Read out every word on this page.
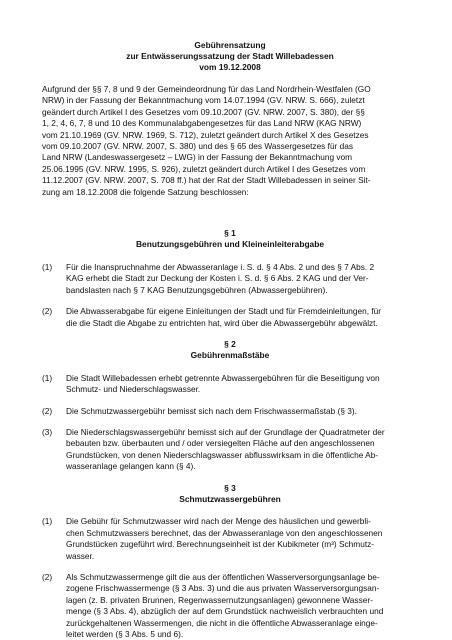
Gebührensatzung

zur Entwässerungssatzung der Stadt Willebadessen

vom 19.12.2008

Aufgrund der §§ 7, 8 und 9 der Gemeindeordnung für das Land Nordrhein-Westfalen (GO

NRW) in der Fassung der Bekanntmachung vom 14.07.1994 (GV. NRW. S. 666), zuletzt

geändert durch Artikel I des Gesetzes vom 09.10.2007 (GV. NRW. 2007, S. 380), der §§

1, 2, 4, 6, 7, 8 und 10 des Kommunalabgabengesetzes für das Land NRW (KAG NRW)

vom 21.10.1969 (GV. NRW. 1969, S. 712), zuletzt geändert durch Artikel X des Gesetzes

vom 09.10.2007 (GV. NRW. 2007, S. 380) und des § 65 des Wassergesetzes für das

Land NRW (Landeswassergesetz – LWG) in der Fassung der Bekanntmachung vom

25.06.1995 (GV. NRW. 1995, S. 926), zuletzt geändert durch Artikel I des Gesetzes vom

11.12.2007 (GV. NRW. 2007, S. 708 ff.) hat der Rat der Stadt Willebadessen in seiner Sit-

zung am 18.12.2008 die folgende Satzung beschlossen:

§ 1

Benutzungsgebühren und Kleineinleiterabgabe

(1)	Für die Inanspruchnahme der Abwasseranlage i. S. d. § 4 Abs. 2 und des § 7 Abs. 2
KAG erhebt die Stadt zur Deckung der Kosten i. S. d. § 6 Abs. 2 KAG und der Ver-
bandslasten nach § 7 KAG Benutzungsgebühren (Abwassergebühren).
(2)	Die Abwasserabgabe für eigene Einleitungen der Stadt und für Fremdeinleitungen, für
die die Stadt die Abgabe zu entrichten hat, wird über die Abwassergebühr abgewälzt.

§ 2

Gebührenmaßstäbe

(1)	Die Stadt Willebadessen erhebt getrennte Abwassergebühren für die Beseitigung von
Schmutz- und Niederschlagswasser.
(2)	Die Schmutzwassergebühr bemisst sich nach dem Frischwassermaßstab (§ 3).
(3)	Die Niederschlagswassergebühr bemisst sich auf der Grundlage der Quadratmeter der
bebauten bzw. überbauten und / oder versiegelten Fläche auf den angeschlossenen
Grundstücken, von denen Niederschlagswasser abflusswirksam in die öffentliche Ab-
wasseranlage gelangen kann (§ 4).

§ 3

Schmutzwassergebühren

(1)	Die Gebühr für Schmutzwasser wird nach der Menge des häuslichen und gewerbli-
chen Schmutzwassers berechnet, das der Abwasseranlage von den angeschlossenen
Grundstücken zugeführt wird. Berechnungseinheit ist der Kubikmeter (m³) Schmutz-
wasser.
(2)	Als Schmutzwassermenge gilt die aus der öffentlichen Wasserversorgungsanlage be-
zogene Frischwassermenge (§ 3 Abs. 3) und die aus privaten Wasserversorgungsan-
lagen (z. B. privaten Brunnen, Regenwassernutzungsanlagen) gewonnene Wasser-
menge (§ 3 Abs. 4), abzüglich der auf dem Grundstück nachweislich verbrauchten und
zurückgehaltenen Wassermengen, die nicht in die öffentliche Abwasseranlage einge-
leitet werden (§ 3 Abs. 5 und 6).
